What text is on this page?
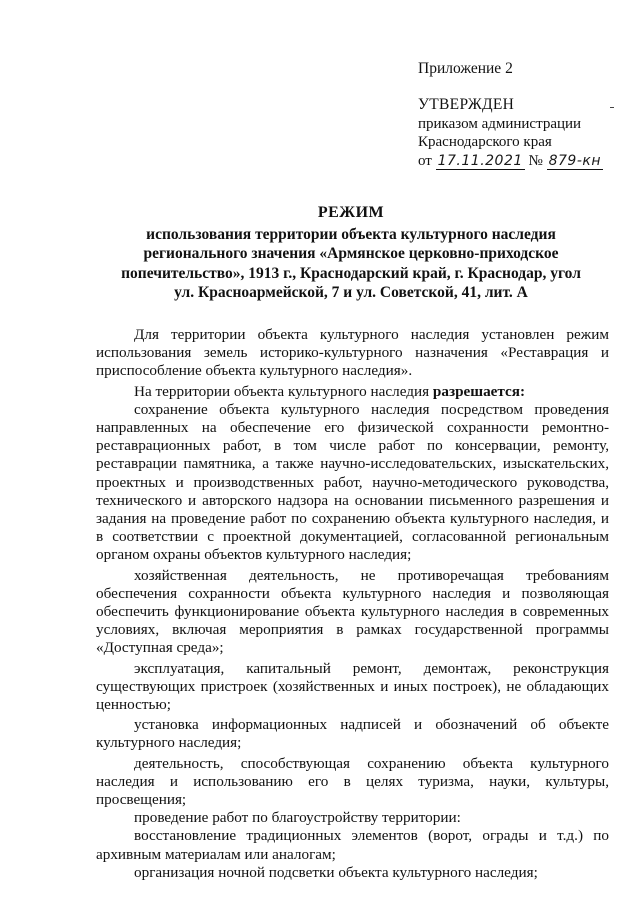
Приложение 2
УТВЕРЖДЕН
приказом администрации
Краснодарского края
от 17.11.2021 № 879-кн
РЕЖИМ
использования территории объекта культурного наследия
регионального значения «Армянское церковно-приходское
попечительство», 1913 г., Краснодарский край, г. Краснодар, угол
ул. Красноармейской, 7 и ул. Советской, 41, лит. А

Для территории объекта культурного наследия установлен режим использования земель историко-культурного назначения «Реставрация и приспособление объекта культурного наследия».

На территории объекта культурного наследия разрешается:

сохранение объекта культурного наследия посредством проведения направленных на обеспечение его физической сохранности ремонтно-реставрационных работ, в том числе работ по консервации, ремонту, реставрации памятника, а также научно-исследовательских, изыскательских, проектных и производственных работ, научно-методического руководства, технического и авторского надзора на основании письменного разрешения и задания на проведение работ по сохранению объекта культурного наследия, и в соответствии с проектной документацией, согласованной региональным органом охраны объектов культурного наследия;

хозяйственная деятельность, не противоречащая требованиям обеспечения сохранности объекта культурного наследия и позволяющая обеспечить функционирование объекта культурного наследия в современных условиях, включая мероприятия в рамках государственной программы «Доступная среда»;

эксплуатация, капитальный ремонт, демонтаж, реконструкция существующих пристроек (хозяйственных и иных построек), не обладающих ценностью;

установка информационных надписей и обозначений об объекте культурного наследия;

деятельность, способствующая сохранению объекта культурного наследия и использованию его в целях туризма, науки, культуры, просвещения;

проведение работ по благоустройству территории:

восстановление традиционных элементов (ворот, ограды и т.д.) по архивным материалам или аналогам;

организация ночной подсветки объекта культурного наследия;
